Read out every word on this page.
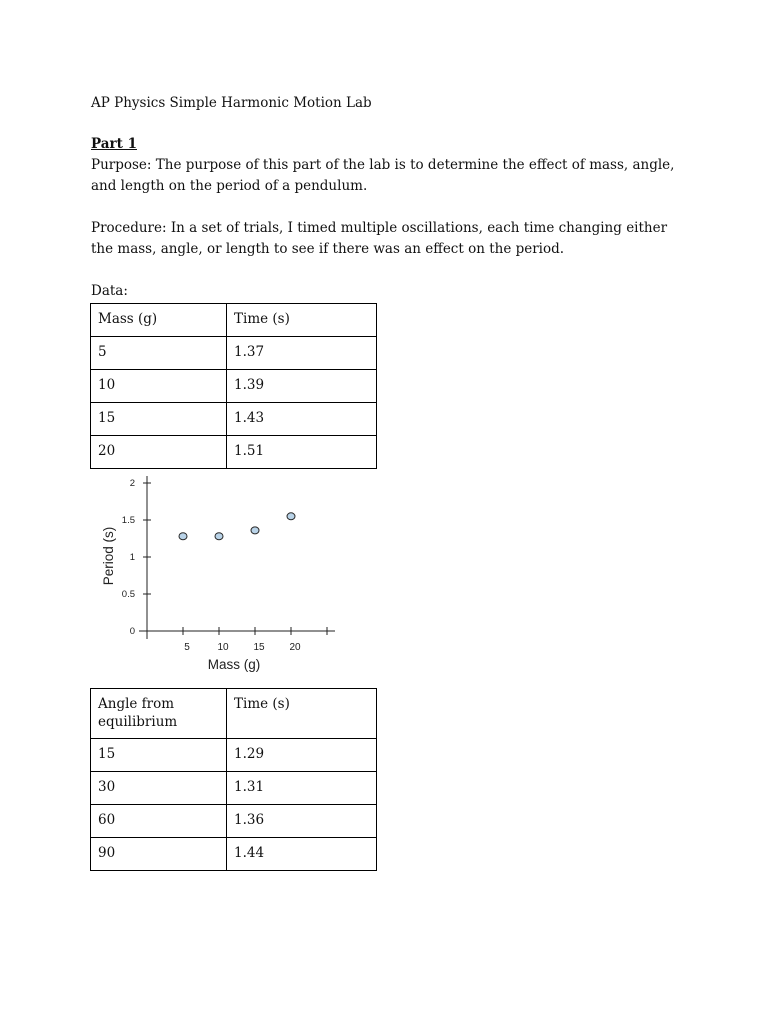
AP Physics Simple Harmonic Motion Lab
Part 1
Purpose: The purpose of this part of the lab is to determine the effect of mass, angle, and length on the period of a pendulum.
Procedure: In a set of trials, I timed multiple oscillations, each time changing either the mass, angle, or length to see if there was an effect on the period.
Data:
Mass (g)	Time (s)
5	1.37
10	1.39
15	1.43
20	1.51
0
0.5
1
1.5
2
5	10 15 20
Mass (g)
Period (s)
Angle from equilibrium	Time (s)
15	1.29
30	1.31
60	1.36
90	1.44
